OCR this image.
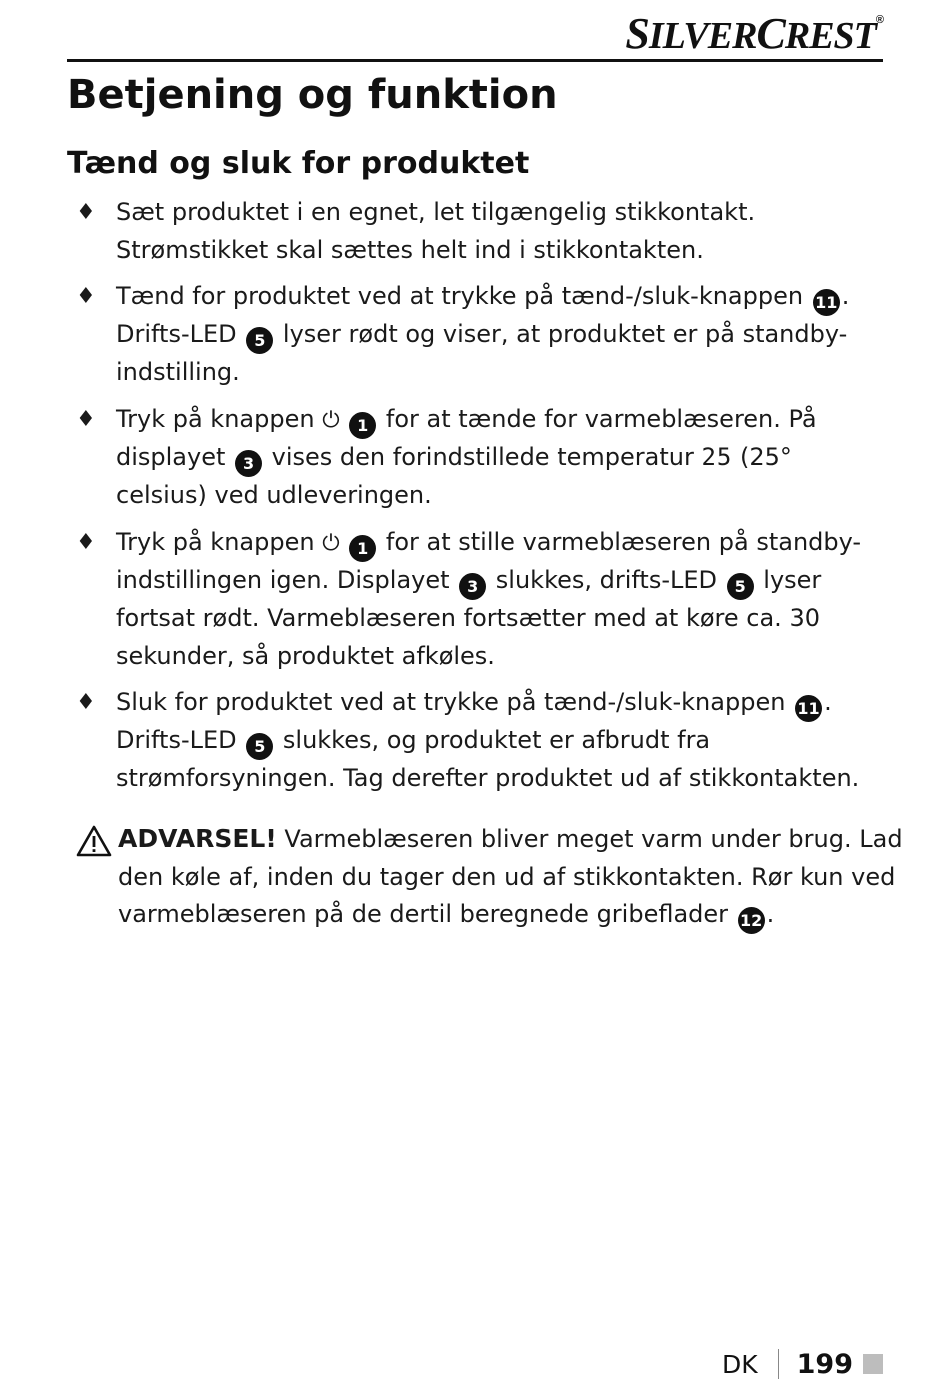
SILVERCREST®
Betjening og funktion
Tænd og sluk for produktet
♦ Sæt produktet i en egnet, let tilgængelig stikkontakt. Strømstikket skal sættes helt ind i stikkontakten.
♦ Tænd for produktet ved at trykke på tænd-/sluk-knappen 11 . Drifts-LED 5 lyser rødt og viser, at produktet er på standby-indstilling.
♦ Tryk på knappen ⏻ 1 for at tænde for varmeblæseren. På displayet 3 vises den forindstillede temperatur 25 (25° celsius) ved udleveringen.
♦ Tryk på knappen ⏻ 1 for at stille varmeblæseren på standby-indstillingen igen. Displayet 3 slukkes, drifts-LED 5 lyser fortsat rødt. Varmeblæseren fortsætter med at køre ca. 30 sekunder, så produktet afkøles.
♦ Sluk for produktet ved at trykke på tænd-/sluk-knappen 11 . Drifts-LED 5 slukkes, og produktet er afbrudt fra strømforsyningen. Tag derefter produktet ud af stikkontakten.
ADVARSEL! Varmeblæseren bliver meget varm under brug. Lad den køle af, inden du tager den ud af stikkontakten. Rør kun ved varmeblæseren på de dertil beregnede gribeflader 12 .
DK 199
